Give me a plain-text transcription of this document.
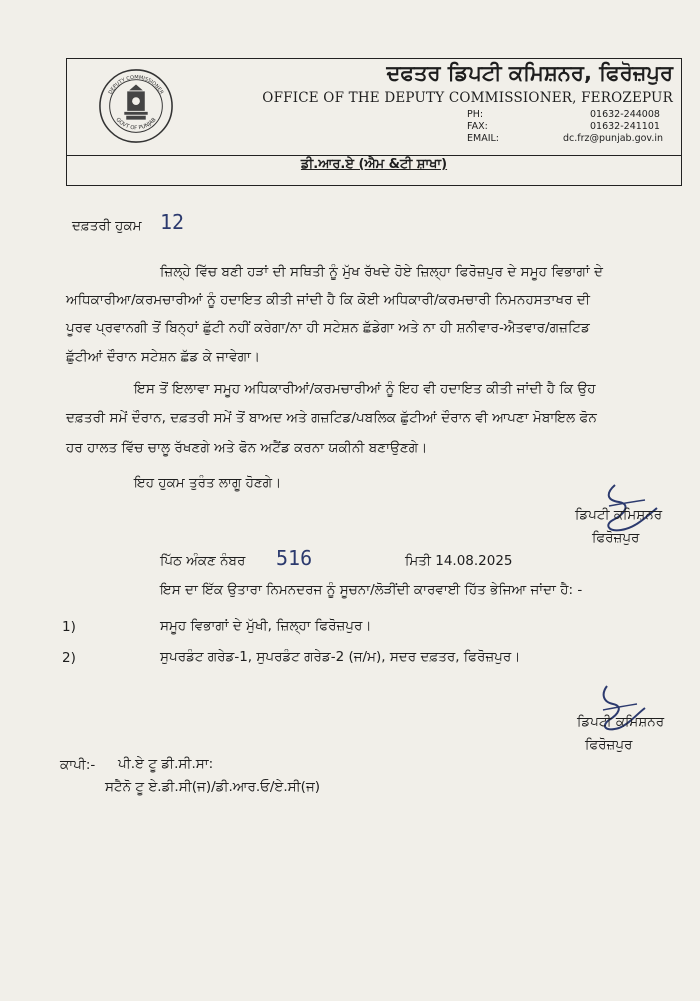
DEPUTY COMMISSIONER
GOVT OF PUNJAB
ਦਫਤਰ ਡਿਪਟੀ ਕਮਿਸ਼ਨਰ, ਫਿਰੋਜ਼ਪੁਰ
OFFICE OF THE DEPUTY COMMISSIONER, FEROZEPUR
PH:	01632-244008
FAX:	01632-241101
EMAIL:	dc.frz@punjab.gov.in
ਡੀ.ਆਰ.ਏ (ਐਮ &ਟੀ ਸ਼ਾਖਾ)
ਦਫ਼ਤਰੀ ਹੁਕਮ 12
ਜ਼ਿਲ੍ਹੇ ਵਿੱਚ ਬਣੀ ਹੜਾਂ ਦੀ ਸਥਿਤੀ ਨੂੰ ਮੁੱਖ ਰੱਖਦੇ ਹੋਏ ਜ਼ਿਲ੍ਹਾ ਫਿਰੋਜ਼ਪੁਰ ਦੇ ਸਮੂਹ ਵਿਭਾਗਾਂ ਦੇ
ਅਧਿਕਾਰੀਆ/ਕਰਮਚਾਰੀਆਂ ਨੂੰ ਹਦਾਇਤ ਕੀਤੀ ਜਾਂਦੀ ਹੈ ਕਿ ਕੋਈ ਅਧਿਕਾਰੀ/ਕਰਮਚਾਰੀ ਨਿਮਨਹਸਤਾਖਰ ਦੀ
ਪੂਰਵ ਪ੍ਰਵਾਨਗੀ ਤੋਂ ਬਿਨ੍ਹਾਂ ਛੁੱਟੀ ਨਹੀਂ ਕਰੇਗਾ/ਨਾ ਹੀ ਸਟੇਸ਼ਨ ਛੱਡੇਗਾ ਅਤੇ ਨਾ ਹੀ ਸ਼ਨੀਵਾਰ-ਐਤਵਾਰ/ਗਜ਼ਟਿਡ
ਛੁੱਟੀਆਂ ਦੌਰਾਨ ਸਟੇਸ਼ਨ ਛੱਡ ਕੇ ਜਾਵੇਗਾ।
ਇਸ ਤੋਂ ਇਲਾਵਾ ਸਮੂਹ ਅਧਿਕਾਰੀਆਂ/ਕਰਮਚਾਰੀਆਂ ਨੂੰ ਇਹ ਵੀ ਹਦਾਇਤ ਕੀਤੀ ਜਾਂਦੀ ਹੈ ਕਿ ਉਹ
ਦਫ਼ਤਰੀ ਸਮੇਂ ਦੌਰਾਨ, ਦਫ਼ਤਰੀ ਸਮੇਂ ਤੋਂ ਬਾਅਦ ਅਤੇ ਗਜ਼ਟਿਡ/ਪਬਲਿਕ ਛੁੱਟੀਆਂ ਦੌਰਾਨ ਵੀ ਆਪਣਾ ਮੋਬਾਇਲ ਫੋਨ
ਹਰ ਹਾਲਤ ਵਿੱਚ ਚਾਲੂ ਰੱਖਣਗੇ ਅਤੇ ਫੋਨ ਅਟੈਂਡ ਕਰਨਾ ਯਕੀਨੀ ਬਣਾਉਣਗੇ।
ਇਹ ਹੁਕਮ ਤੁਰੰਤ ਲਾਗੂ ਹੋਣਗੇ।
ਡਿਪਟੀ ਕਮਿਸ਼ਨਰ
ਫਿਰੋਜ਼ਪੁਰ
ਪਿੱਠ ਅੰਕਣ ਨੰਬਰ 516	ਮਿਤੀ 14.08.2025
ਇਸ ਦਾ ਇੱਕ ਉਤਾਰਾ ਨਿਮਨਦਰਜ ਨੂੰ ਸੂਚਨਾ/ਲੋੜੀਂਦੀ ਕਾਰਵਾਈ ਹਿੱਤ ਭੇਜਿਆ ਜਾਂਦਾ ਹੈ: -
1)	ਸਮੂਹ ਵਿਭਾਗਾਂ ਦੇ ਮੁੱਖੀ, ਜ਼ਿਲ੍ਹਾ ਫਿਰੋਜ਼ਪੁਰ।
2)	ਸੁਪਰਡੰਟ ਗਰੇਡ-1, ਸੁਪਰਡੰਟ ਗਰੇਡ-2 (ਜ/ਮ), ਸਦਰ ਦਫ਼ਤਰ, ਫਿਰੋਜ਼ਪੁਰ।
ਡਿਪਟੀ ਕਮਿਸ਼ਨਰ
ਫਿਰੋਜ਼ਪੁਰ
ਕਾਪੀ:- ਪੀ.ਏ ਟੂ ਡੀ.ਸੀ.ਸਾ:
ਸਟੈਨੋ ਟੂ ਏ.ਡੀ.ਸੀ(ਜ)/ਡੀ.ਆਰ.ਓ/ਏ.ਸੀ(ਜ)
